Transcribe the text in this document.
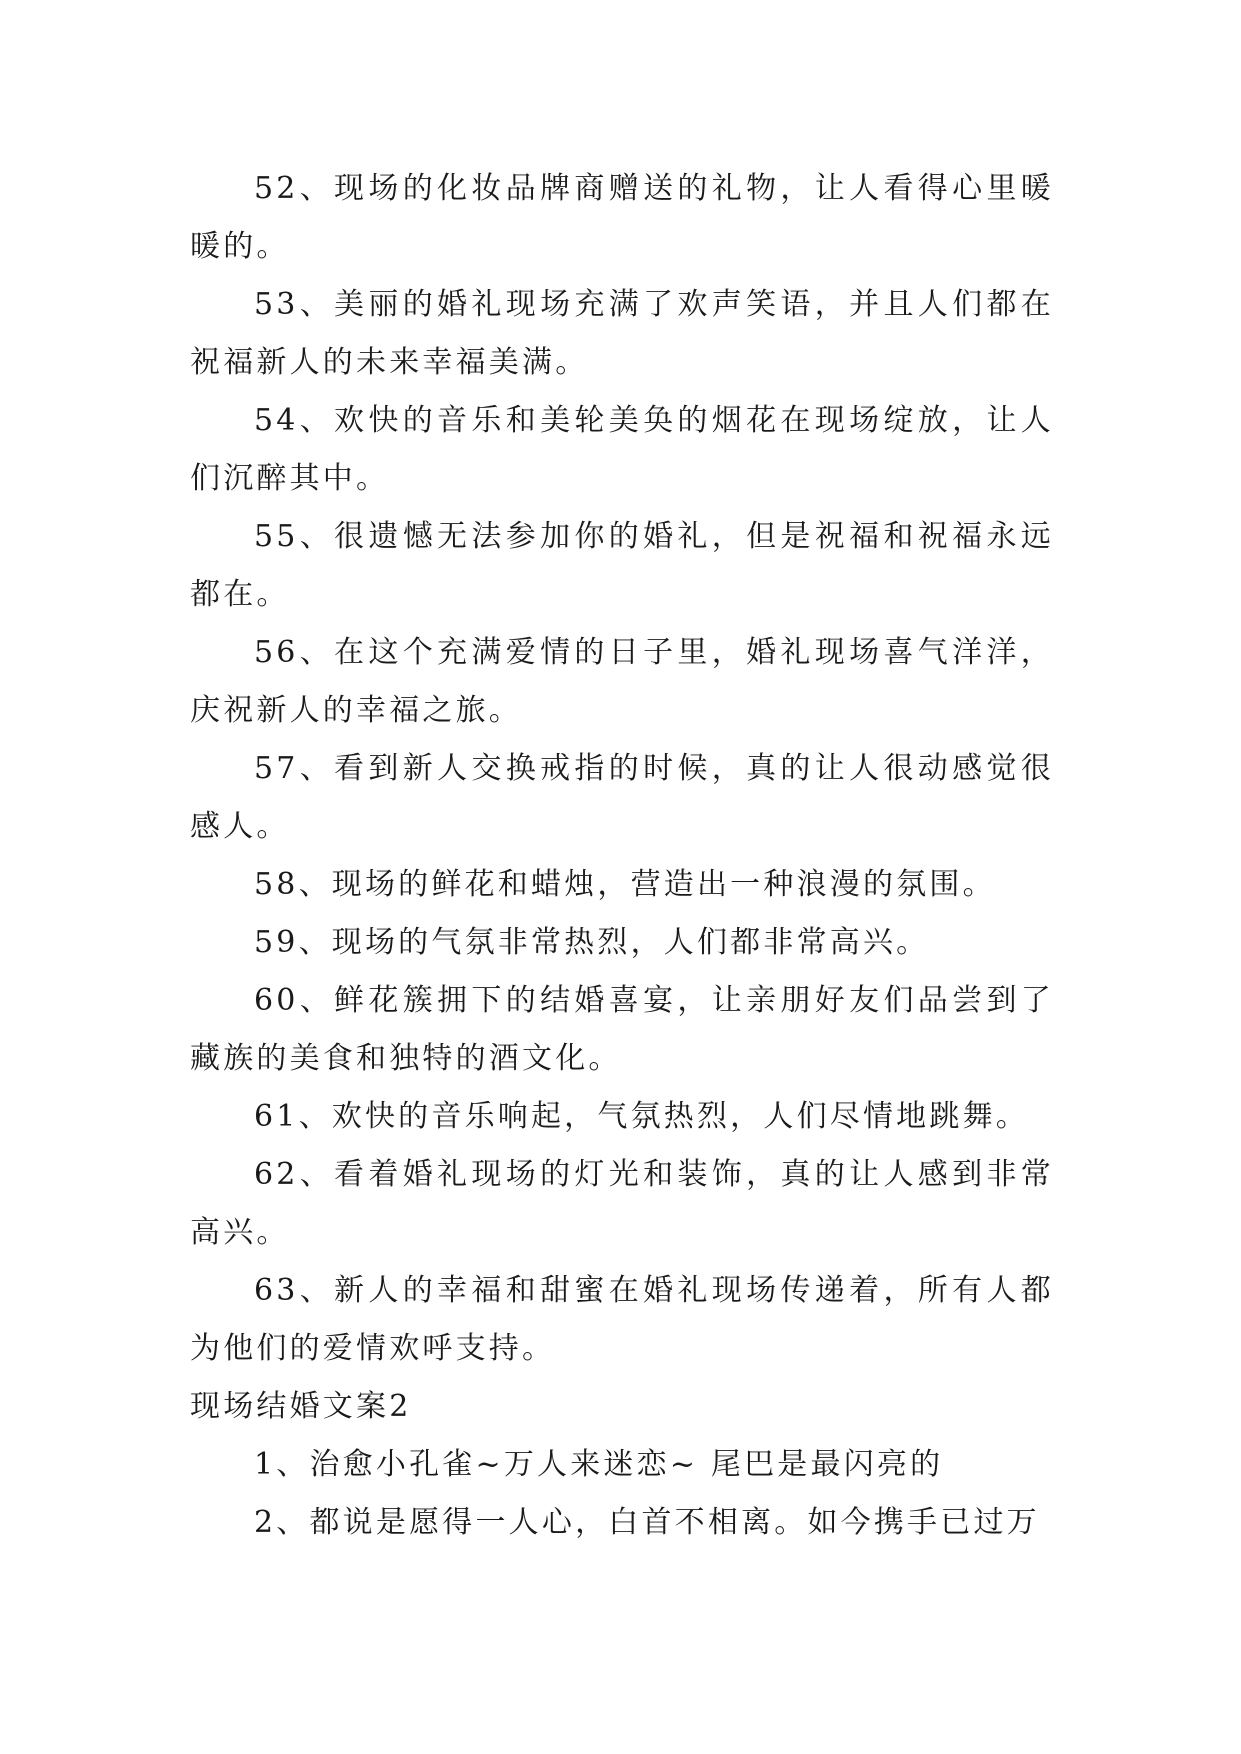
52、现场的化妆品牌商赠送的礼物，让人看得心里暖暖的。

53、美丽的婚礼现场充满了欢声笑语，并且人们都在祝福新人的未来幸福美满。

54、欢快的音乐和美轮美奂的烟花在现场绽放，让人们沉醉其中。

55、很遗憾无法参加你的婚礼，但是祝福和祝福永远都在。

56、在这个充满爱情的日子里，婚礼现场喜气洋洋，庆祝新人的幸福之旅。

57、看到新人交换戒指的时候，真的让人很动感觉很感人。

58、现场的鲜花和蜡烛，营造出一种浪漫的氛围。

59、现场的气氛非常热烈，人们都非常高兴。

60、鲜花簇拥下的结婚喜宴，让亲朋好友们品尝到了藏族的美食和独特的酒文化。

61、欢快的音乐响起，气氛热烈，人们尽情地跳舞。

62、看着婚礼现场的灯光和装饰，真的让人感到非常高兴。

63、新人的幸福和甜蜜在婚礼现场传递着，所有人都为他们的爱情欢呼支持。

现场结婚文案2

1、治愈小孔雀~万人来迷恋~ 尾巴是最闪亮的

2、都说是愿得一人心，白首不相离。如今携手已过万
